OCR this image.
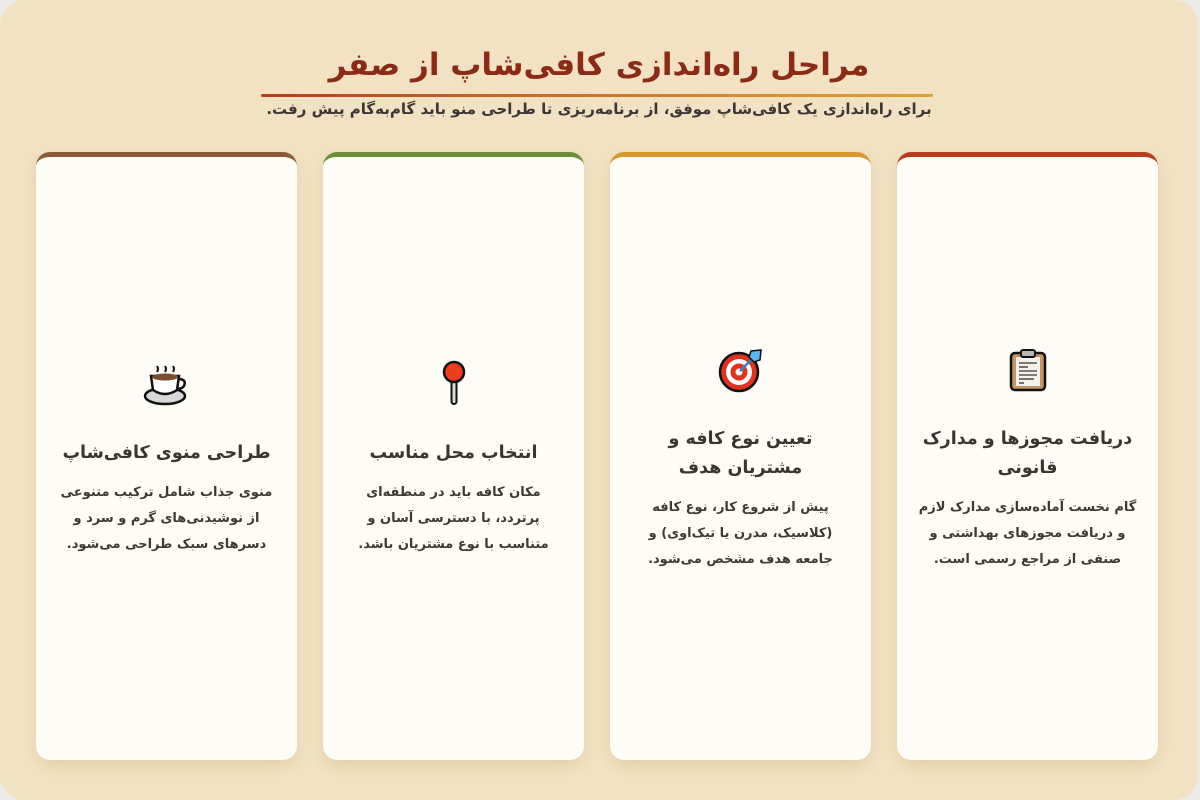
مراحل راه‌اندازی کافی‌شاپ از صفر
برای راه‌اندازی یک کافی‌شاپ موفق، از برنامه‌ریزی تا طراحی منو باید گام‌به‌گام پیش رفت.
دریافت مجوزها و مدارک قانونی

گام نخست آماده‌سازی مدارک لازم و دریافت مجوزهای بهداشتی و صنفی از مراجع رسمی است.

تعیین نوع کافه و مشتریان هدف

پیش از شروع کار، نوع کافه (کلاسیک، مدرن یا تیک‌اوی) و جامعه هدف مشخص می‌شود.

انتخاب محل مناسب

مکان کافه باید در منطقه‌ای پرتردد، با دسترسی آسان و متناسب با نوع مشتریان باشد.

طراحی منوی کافی‌شاپ

منوی جذاب شامل ترکیب متنوعی از نوشیدنی‌های گرم و سرد و دسرهای سبک طراحی می‌شود.
